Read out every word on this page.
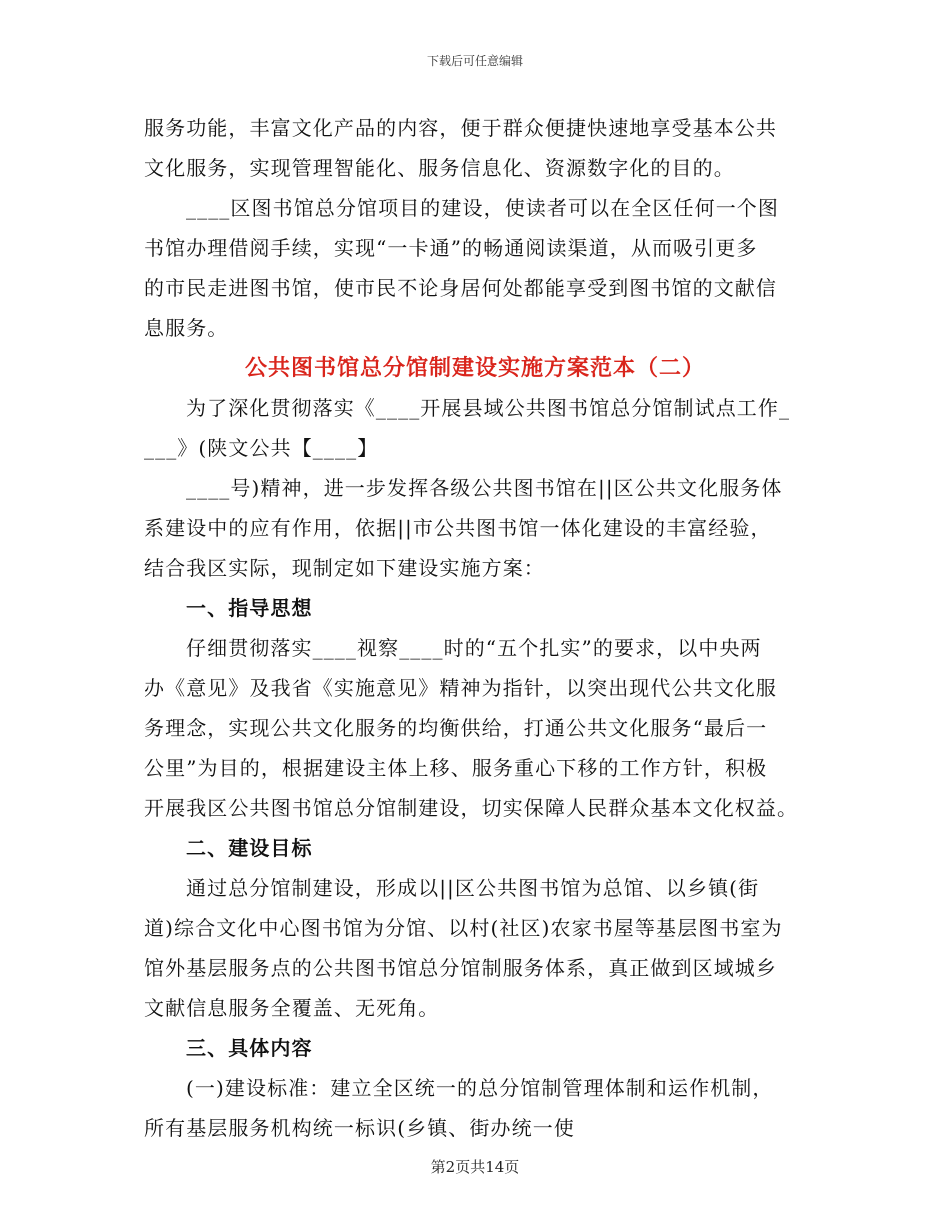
下载后可任意编辑
服务功能，丰富文化产品的内容，便于群众便捷快速地享受基本公共
文化服务，实现管理智能化、服务信息化、资源数字化的目的。
____区图书馆总分馆项目的建设，使读者可以在全区任何一个图
书馆办理借阅手续，实现“一卡通”的畅通阅读渠道，从而吸引更多
的市民走进图书馆，使市民不论身居何处都能享受到图书馆的文献信
息服务。
公共图书馆总分馆制建设实施方案范本（二）
为了深化贯彻落实《____开展县域公共图书馆总分馆制试点工作_
___》(陕文公共【____】
____号)精神，进一步发挥各级公共图书馆在||区公共文化服务体
系建设中的应有作用，依据||市公共图书馆一体化建设的丰富经验，
结合我区实际，现制定如下建设实施方案：
一、指导思想
仔细贯彻落实____视察____时的“五个扎实”的要求，以中央两
办《意见》及我省《实施意见》精神为指针，以突出现代公共文化服
务理念，实现公共文化服务的均衡供给，打通公共文化服务“最后一
公里”为目的，根据建设主体上移、服务重心下移的工作方针，积极
开展我区公共图书馆总分馆制建设，切实保障人民群众基本文化权益。
二、建设目标
通过总分馆制建设，形成以||区公共图书馆为总馆、以乡镇(街
道)综合文化中心图书馆为分馆、以村(社区)农家书屋等基层图书室为
馆外基层服务点的公共图书馆总分馆制服务体系，真正做到区域城乡
文献信息服务全覆盖、无死角。
三、具体内容
(一)建设标准：建立全区统一的总分馆制管理体制和运作机制，
所有基层服务机构统一标识(乡镇、街办统一使
第2页共14页
